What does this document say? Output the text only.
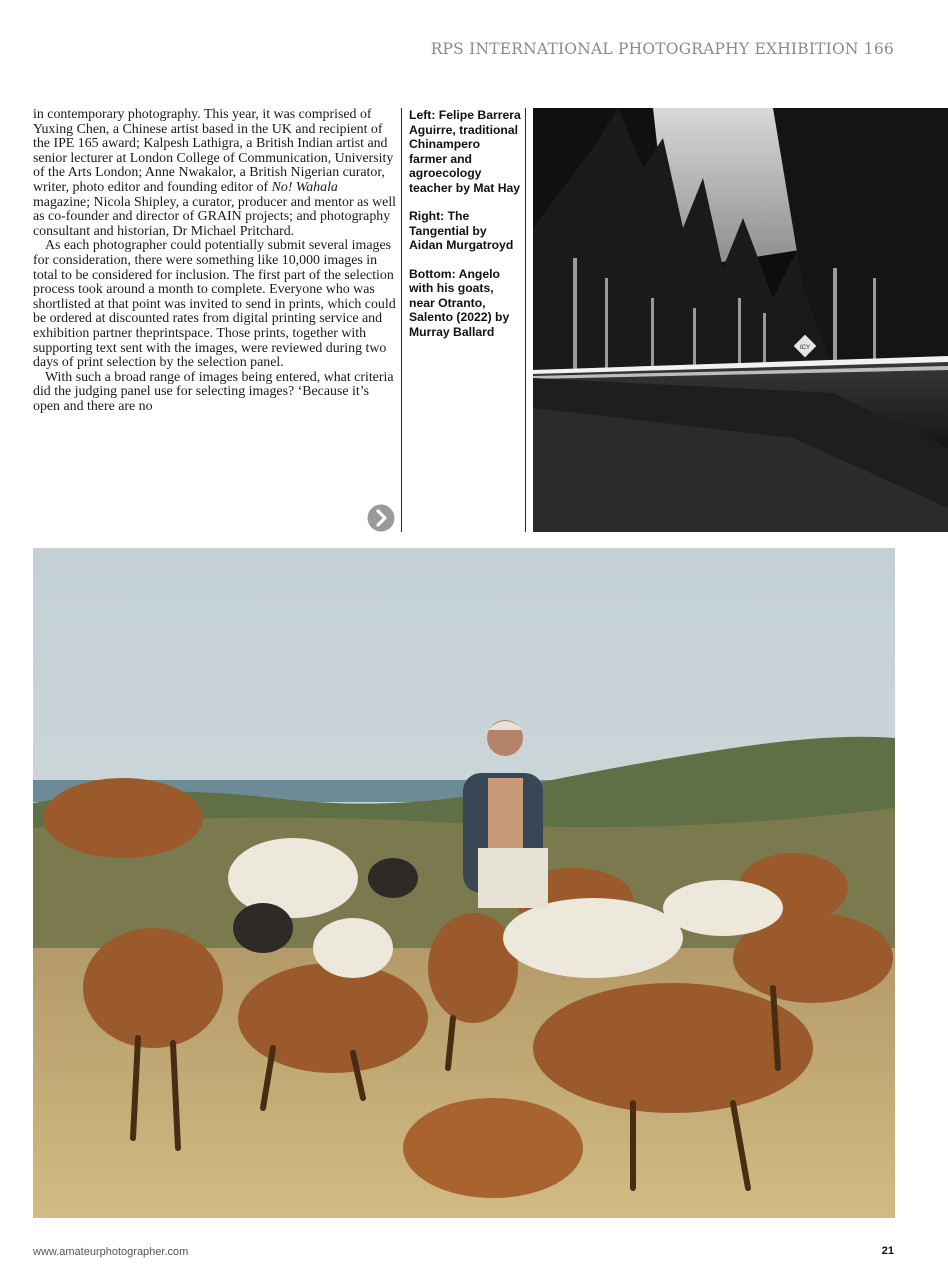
RPS INTERNATIONAL PHOTOGRAPHY EXHIBITION 166

in contemporary photography. This year, it was comprised of Yuxing Chen, a Chinese artist based in the UK and recipient of the IPE 165 award; Kalpesh Lathigra, a British Indian artist and senior lecturer at London College of Communication, University of the Arts London; Anne Nwakalor, a British Nigerian curator, writer, photo editor and founding editor of No! Wahala magazine; Nicola Shipley, a curator, producer and mentor as well as co-founder and director of GRAIN projects; and photography consultant and historian, Dr Michael Pritchard.

As each photographer could potentially submit several images for consideration, there were something like 10,000 images in total to be considered for inclusion. The first part of the selection process took around a month to complete. Everyone who was shortlisted at that point was invited to send in prints, which could be ordered at discounted rates from digital printing service and exhibition partner theprintspace. Those prints, together with supporting text sent with the images, were reviewed during two days of print selection by the selection panel.

With such a broad range of images being entered, what criteria did the judging panel use for selecting images? ‘Because it’s open and there are no

Left: Felipe Barrera Aguirre, traditional Chinampero farmer and agroecology teacher by Mat Hay

Right: The Tangential by Aidan Murgatroyd

Bottom: Angelo with his goats, near Otranto, Salento (2022) by Murray Ballard

ICY
www.amateurphotographer.com	21
